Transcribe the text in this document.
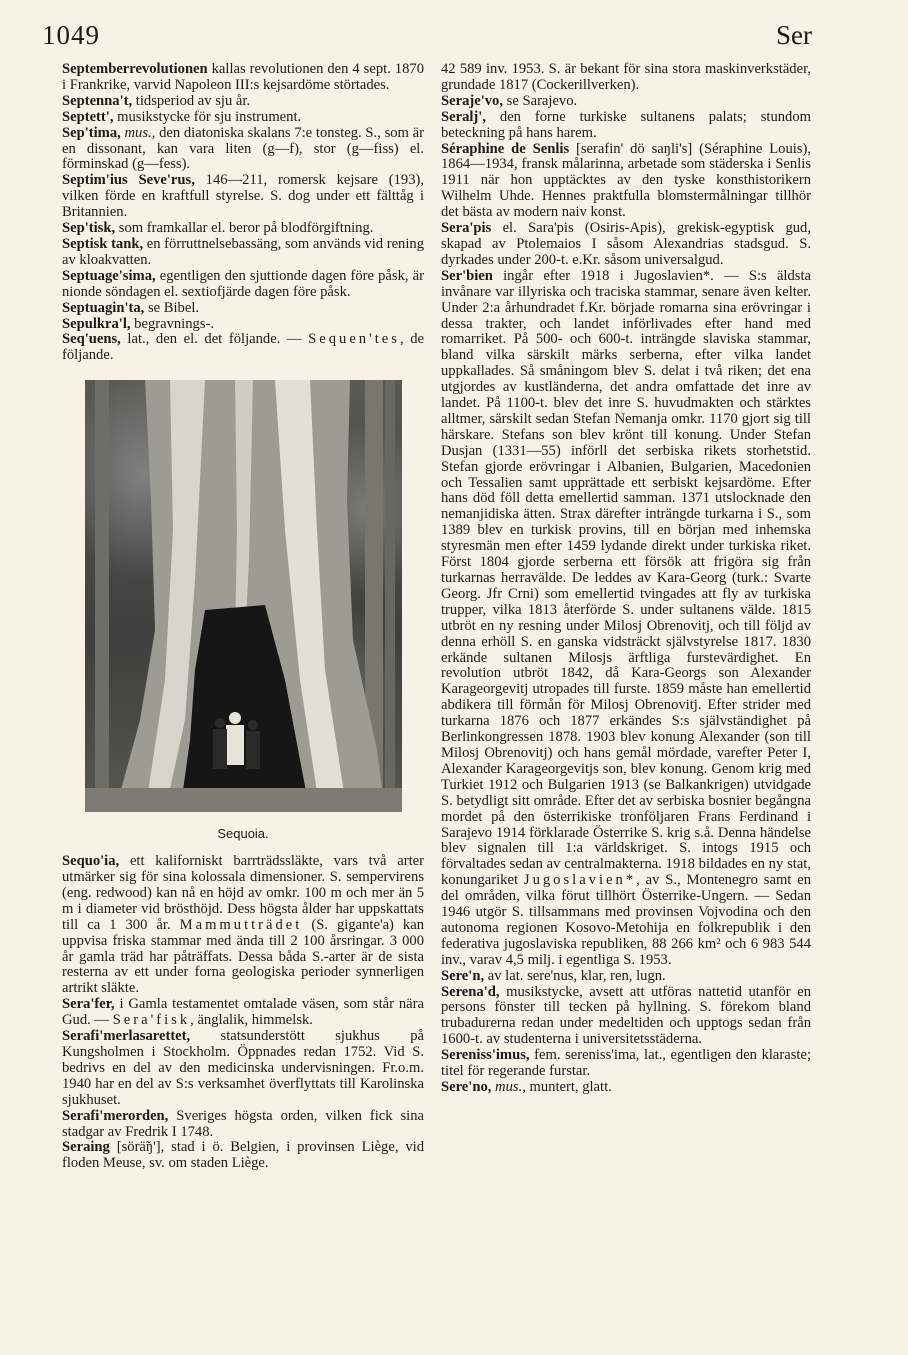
1049	Ser

Septemberrevolutionen kallas revolutionen den 4 sept. 1870 i Frankrike, varvid Napoleon III:s kejsardöme störtades.

Septenna't, tidsperiod av sju år.

Septett', musikstycke för sju instrument.

Sep'tima, mus., den diatoniska skalans 7:e tonsteg. S., som är en dissonant, kan vara liten (g—f), stor (g—fiss) el. förminskad (g—fess).

Septim'ius Seve'rus, 146—211, romersk kejsare (193), vilken förde en kraftfull styrelse. S. dog under ett fälttåg i Britannien.

Sep'tisk, som framkallar el. beror på blodförgiftning.

Septisk tank, en förruttnelsebassäng, som används vid rening av kloakvatten.

Septuage'sima, egentligen den sjuttionde dagen före påsk, är nionde söndagen el. sextiofjärde dagen före påsk.

Septuagin'ta, se Bibel.

Sepulkra'l, begravnings-.

Seq'uens, lat., den el. det följande. — Sequen'tes, de följande.

Sequoia.

Sequo'ia, ett kaliforniskt barrträdssläkte, vars två arter utmärker sig för sina kolossala dimensioner. S. sempervirens (eng. redwood) kan nå en höjd av omkr. 100 m och mer än 5 m i diameter vid brösthöjd. Dess högsta ålder har uppskattats till ca 1 300 år. Mammutträdet (S. gigante'a) kan uppvisa friska stammar med ända till 2 100 årsringar. 3 000 år gamla träd har påträffats. Dessa båda S.-arter är de sista resterna av ett under forna geologiska perioder synnerligen artrikt släkte.

Sera'fer, i Gamla testamentet omtalade väsen, som står nära Gud. — Sera'fisk, änglalik, himmelsk.

Serafi'merlasarettet, statsunderstött sjukhus på Kungsholmen i Stockholm. Öppnades redan 1752. Vid S. bedrivs en del av den medicinska undervisningen. Fr.o.m. 1940 har en del av S:s verksamhet överflyttats till Karolinska sjukhuset.

Serafi'merorden, Sveriges högsta orden, vilken fick sina stadgar av Fredrik I 1748.

Seraing [sörä̃ŋ'], stad i ö. Belgien, i provinsen Liège, vid floden Meuse, sv. om staden Liège.

42 589 inv. 1953. S. är bekant för sina stora maskinverkstäder, grundade 1817 (Cockerillverken).

Seraje'vo, se Sarajevo.

Seralj', den forne turkiske sultanens palats; stundom beteckning på hans harem.

Séraphine de Senlis [serafin' dö saŋli's] (Séraphine Louis), 1864—1934, fransk målarinna, arbetade som städerska i Senlis 1911 när hon upptäcktes av den tyske konsthistorikern Wilhelm Uhde. Hennes praktfulla blomstermålningar tillhör det bästa av modern naiv konst.

Sera'pis el. Sara'pis (Osiris-Apis), grekisk-egyptisk gud, skapad av Ptolemaios I såsom Alexandrias stadsgud. S. dyrkades under 200-t. e.Kr. såsom universalgud.

Ser'bien ingår efter 1918 i Jugoslavien*. — S:s äldsta invånare var illyriska och traciska stammar, senare även kelter. Under 2:a århundradet f.Kr. började romarna sina erövringar i dessa trakter, och landet införlivades efter hand med romarriket. På 500- och 600-t. inträngde slaviska stammar, bland vilka särskilt märks serberna, efter vilka landet uppkallades. Så småningom blev S. delat i två riken; det ena utgjordes av kustländerna, det andra omfattade det inre av landet. På 1100-t. blev det inre S. huvudmakten och stärktes alltmer, särskilt sedan Stefan Nemanja omkr. 1170 gjort sig till härskare. Stefans son blev krönt till konung. Under Stefan Dusjan (1331—55) införll det serbiska rikets storhetstid. Stefan gjorde erövringar i Albanien, Bulgarien, Macedonien och Tessalien samt upprättade ett serbiskt kejsardöme. Efter hans död föll detta emellertid samman. 1371 utslocknade den nemanjidiska ätten. Strax därefter inträngde turkarna i S., som 1389 blev en turkisk provins, till en början med inhemska styresmän men efter 1459 lydande direkt under turkiska riket. Först 1804 gjorde serberna ett försök att frigöra sig från turkarnas herravälde. De leddes av Kara-Georg (turk.: Svarte Georg. Jfr Crni) som emellertid tvingades att fly av turkiska trupper, vilka 1813 återförde S. under sultanens välde. 1815 utbröt en ny resning under Milosj Obrenovitj, och till följd av denna erhöll S. en ganska vidsträckt självstyrelse 1817. 1830 erkände sultanen Milosjs ärftliga furstevärdighet. En revolution utbröt 1842, då Kara-Georgs son Alexander Karageorgevitj utropades till furste. 1859 måste han emellertid abdikera till förmån för Milosj Obrenovitj. Efter strider med turkarna 1876 och 1877 erkändes S:s självständighet på Berlinkongressen 1878. 1903 blev konung Alexander (son till Milosj Obrenovitj) och hans gemål mördade, varefter Peter I, Alexander Karageorgevitjs son, blev konung. Genom krig med Turkiet 1912 och Bulgarien 1913 (se Balkankrigen) utvidgade S. betydligt sitt område. Efter det av serbiska bosnier begångna mordet på den österrikiske tronföljaren Frans Ferdinand i Sarajevo 1914 förklarade Österrike S. krig s.å. Denna händelse blev signalen till 1:a världskriget. S. intogs 1915 och förvaltades sedan av centralmakterna. 1918 bildades en ny stat, konungariket Jugoslavien*, av S., Montenegro samt en del områden, vilka förut tillhört Österrike-Ungern. — Sedan 1946 utgör S. tillsammans med provinsen Vojvodina och den autonoma regionen Kosovo-Metohija en folkrepublik i den federativa jugoslaviska republiken, 88 266 km² och 6 983 544 inv., varav 4,5 milj. i egentliga S. 1953.

Sere'n, av lat. sere'nus, klar, ren, lugn.

Serena'd, musikstycke, avsett att utföras nattetid utanför en persons fönster till tecken på hyllning. S. förekom bland trubadurerna redan under medeltiden och upptogs sedan från 1600-t. av studenterna i universitetsstäderna.

Sereniss'imus, fem. sereniss'ima, lat., egentligen den klaraste; titel för regerande furstar.

Sere'no, mus., muntert, glatt.
